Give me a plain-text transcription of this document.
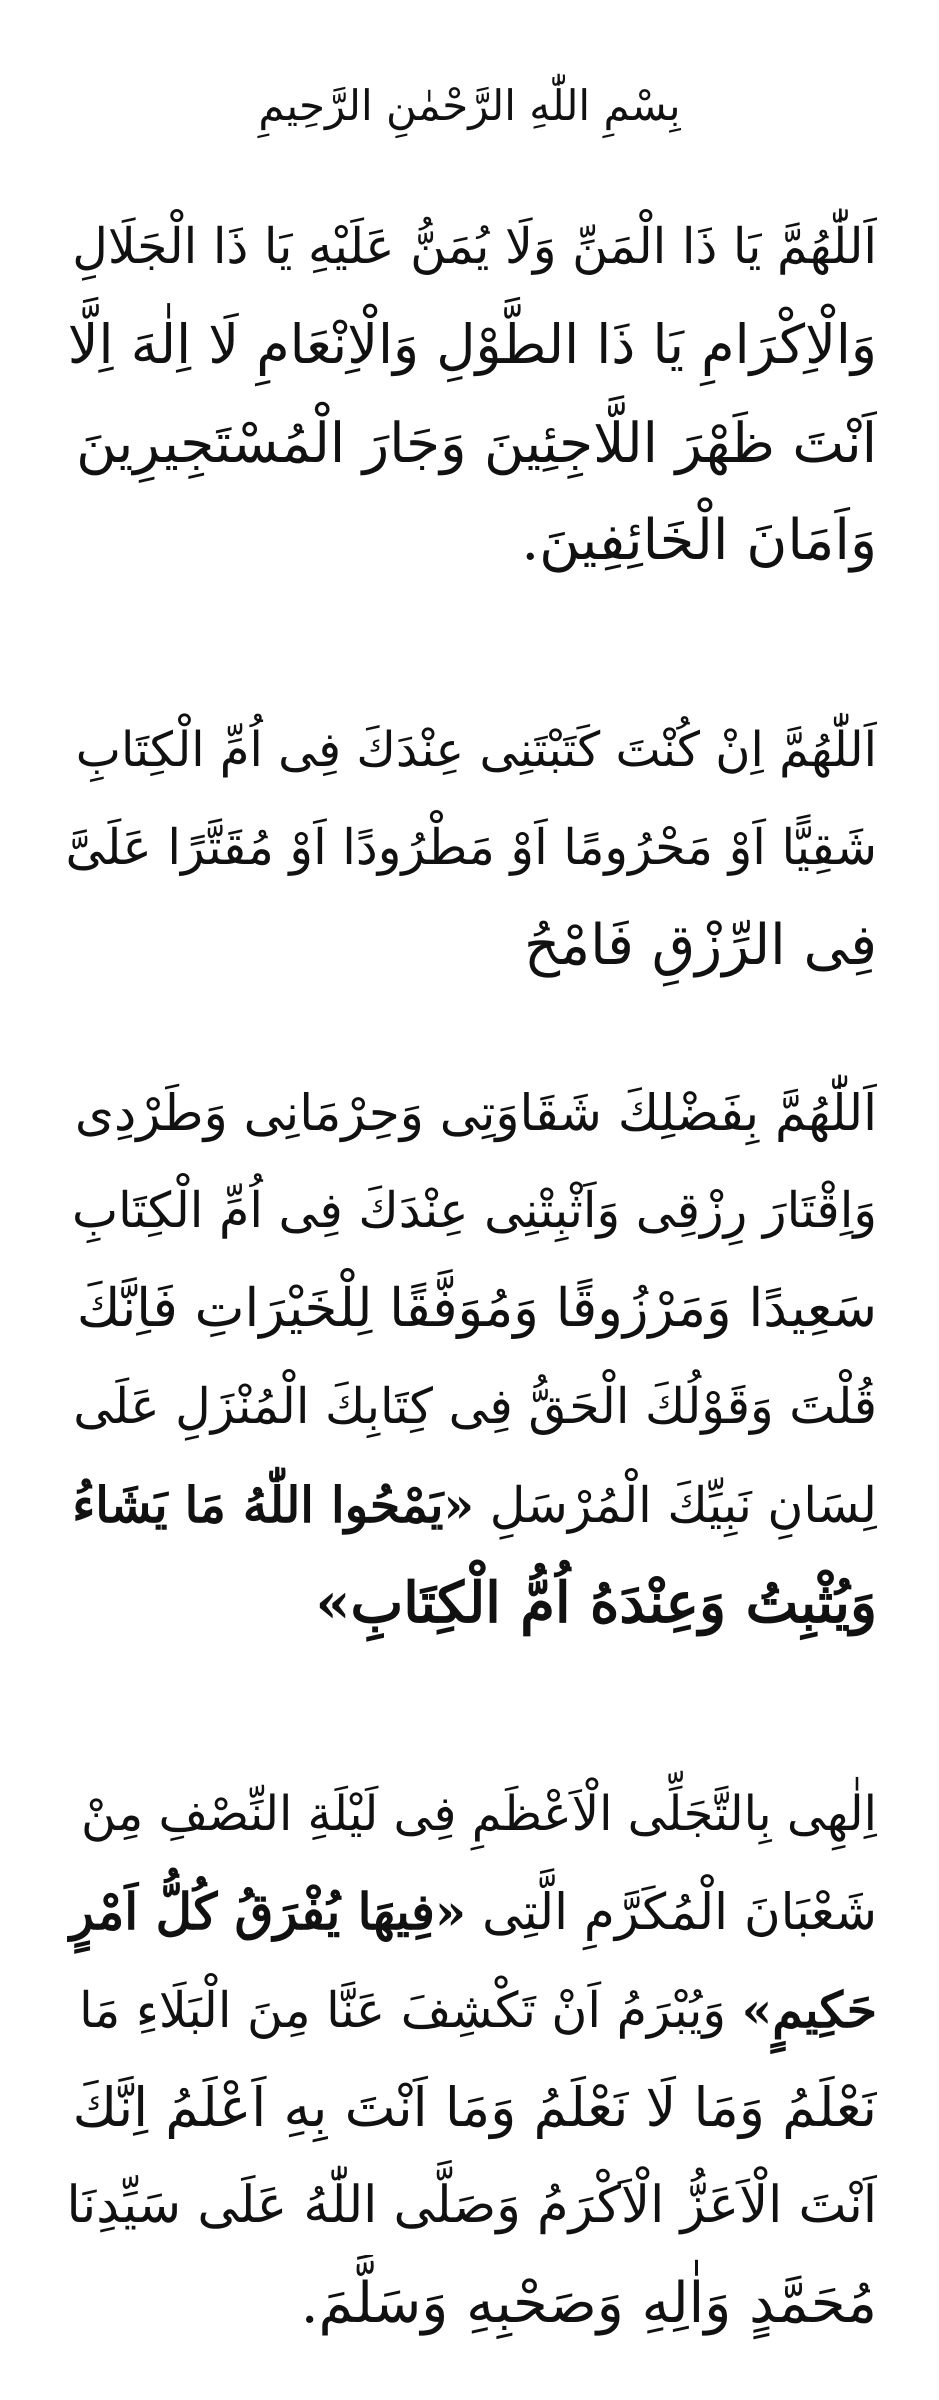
بِسْمِ اللّٰهِ الرَّحْمٰنِ الرَّحِيمِ
اَللّٰهُمَّ يَا ذَا الْمَنِّ وَلَا يُمَنُّ عَلَيْهِ يَا ذَا الْجَلَالِ
وَالْاِكْرَامِ يَا ذَا الطَّوْلِ وَالْاِنْعَامِ لَا اِلٰهَ اِلَّا
اَنْتَ ظَهْرَ اللَّاجِئِينَ وَجَارَ الْمُسْتَجِيرِينَ
وَاَمَانَ الْخَائِفِينَ.
اَللّٰهُمَّ اِنْ كُنْتَ كَتَبْتَنِى عِنْدَكَ فِى اُمِّ الْكِتَابِ
شَقِيًّا اَوْ مَحْرُومًا اَوْ مَطْرُودًا اَوْ مُقَتَّرًا عَلَىَّ
فِى الرِّزْقِ فَامْحُ
اَللّٰهُمَّ بِفَضْلِكَ شَقَاوَتِى وَحِرْمَانِى وَطَرْدِى
وَاِقْتَارَ رِزْقِى وَاَثْبِتْنِى عِنْدَكَ فِى اُمِّ الْكِتَابِ
سَعِيدًا وَمَرْزُوقًا وَمُوَفَّقًا لِلْخَيْرَاتِ فَاِنَّكَ
قُلْتَ وَقَوْلُكَ الْحَقُّ فِى كِتَابِكَ الْمُنْزَلِ عَلَى
لِسَانِ نَبِيِّكَ الْمُرْسَلِ «يَمْحُوا اللّٰهُ مَا يَشَاءُ
وَيُثْبِتُ وَعِنْدَهُ اُمُّ الْكِتَابِ»
اِلٰهِى بِالتَّجَلِّى الْاَعْظَمِ فِى لَيْلَةِ النِّصْفِ مِنْ
شَعْبَانَ الْمُكَرَّمِ الَّتِى «فِيهَا يُفْرَقُ كُلُّ اَمْرٍ
حَكِيمٍ» وَيُبْرَمُ اَنْ تَكْشِفَ عَنَّا مِنَ الْبَلَاءِ مَا
نَعْلَمُ وَمَا لَا نَعْلَمُ وَمَا اَنْتَ بِهِ اَعْلَمُ اِنَّكَ
اَنْتَ الْاَعَزُّ الْاَكْرَمُ وَصَلَّى اللّٰهُ عَلَى سَيِّدِنَا
مُحَمَّدٍ وَاٰلِهِ وَصَحْبِهِ وَسَلَّمَ.
